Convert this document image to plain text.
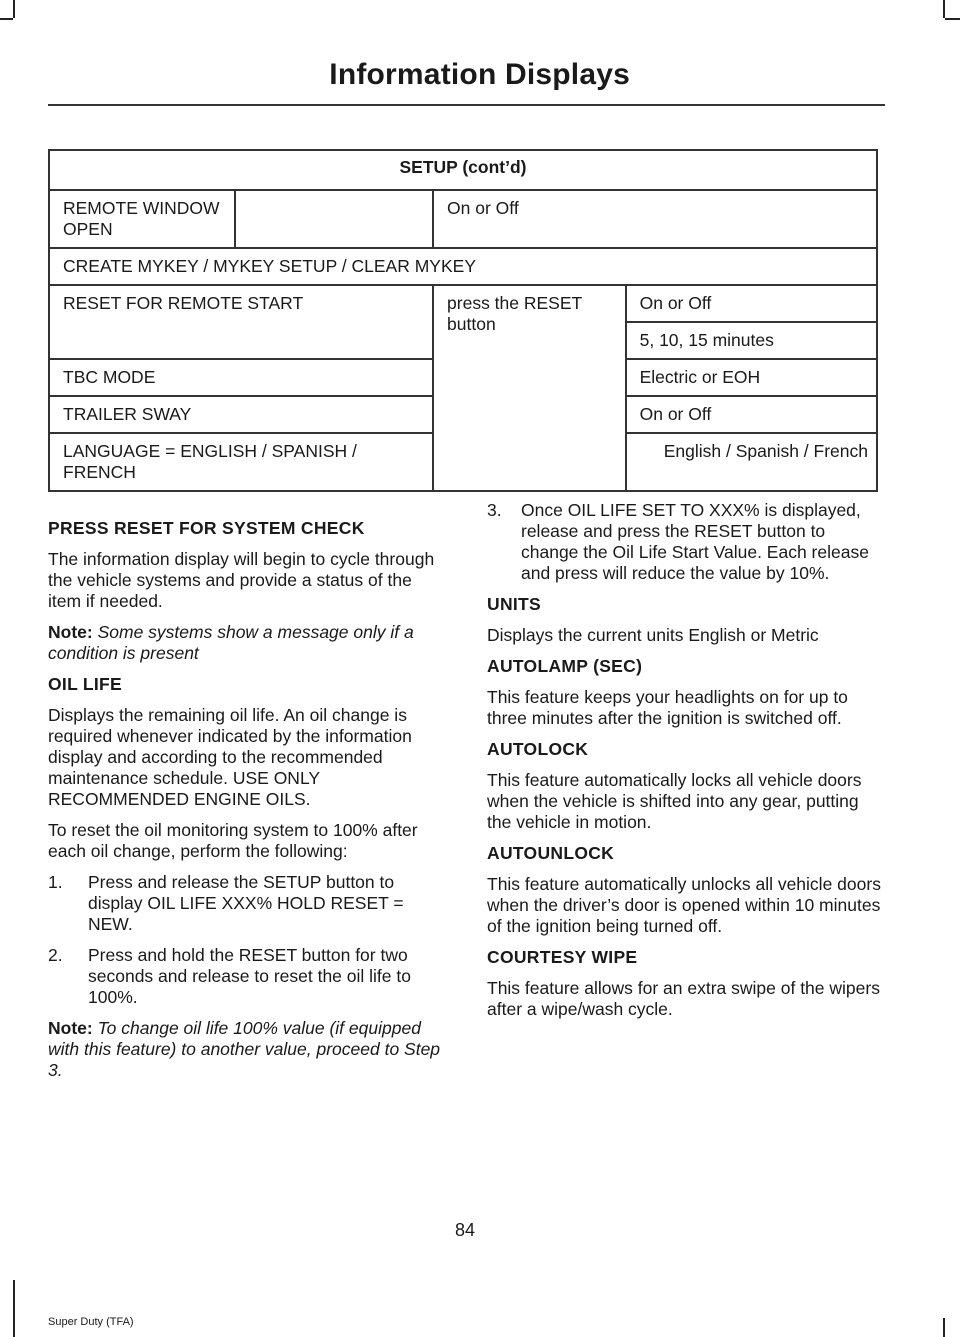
Information Displays
SETUP (cont’d)			
REMOTE WINDOW OPEN		On or Off	
CREATE MYKEY / MYKEY SETUP / CLEAR MYKEY			
RESET FOR REMOTE START		press the RESET button	On or Off
			5, 10, 15 minutes
TBC MODE			Electric or EOH
TRAILER SWAY			On or Off
LANGUAGE = ENGLISH / SPANISH / FRENCH			English / Spanish / French
PRESS RESET FOR SYSTEM CHECK

The information display will begin to cycle through the vehicle systems and provide a status of the item if needed.

Note: Some systems show a message only if a condition is present

OIL LIFE

Displays the remaining oil life. An oil change is required whenever indicated by the information display and according to the recommended maintenance schedule. USE ONLY RECOMMENDED ENGINE OILS.

To reset the oil monitoring system to 100% after each oil change, perform the following:

1.	Press and release the SETUP button to display OIL LIFE XXX% HOLD RESET = NEW.
2.	Press and hold the RESET button for two seconds and release to reset the oil life to 100%.

Note: To change oil life 100% value (if equipped with this feature) to another value, proceed to Step 3.

3.	Once OIL LIFE SET TO XXX% is displayed, release and press the RESET button to change the Oil Life Start Value. Each release and press will reduce the value by 10%.
UNITS

Displays the current units English or Metric

AUTOLAMP (SEC)

This feature keeps your headlights on for up to three minutes after the ignition is switched off.

AUTOLOCK

This feature automatically locks all vehicle doors when the vehicle is shifted into any gear, putting the vehicle in motion.

AUTOUNLOCK

This feature automatically unlocks all vehicle doors when the driver’s door is opened within 10 minutes of the ignition being turned off.

COURTESY WIPE

This feature allows for an extra swipe of the wipers after a wipe/wash cycle.

84
Super Duty (TFA)
